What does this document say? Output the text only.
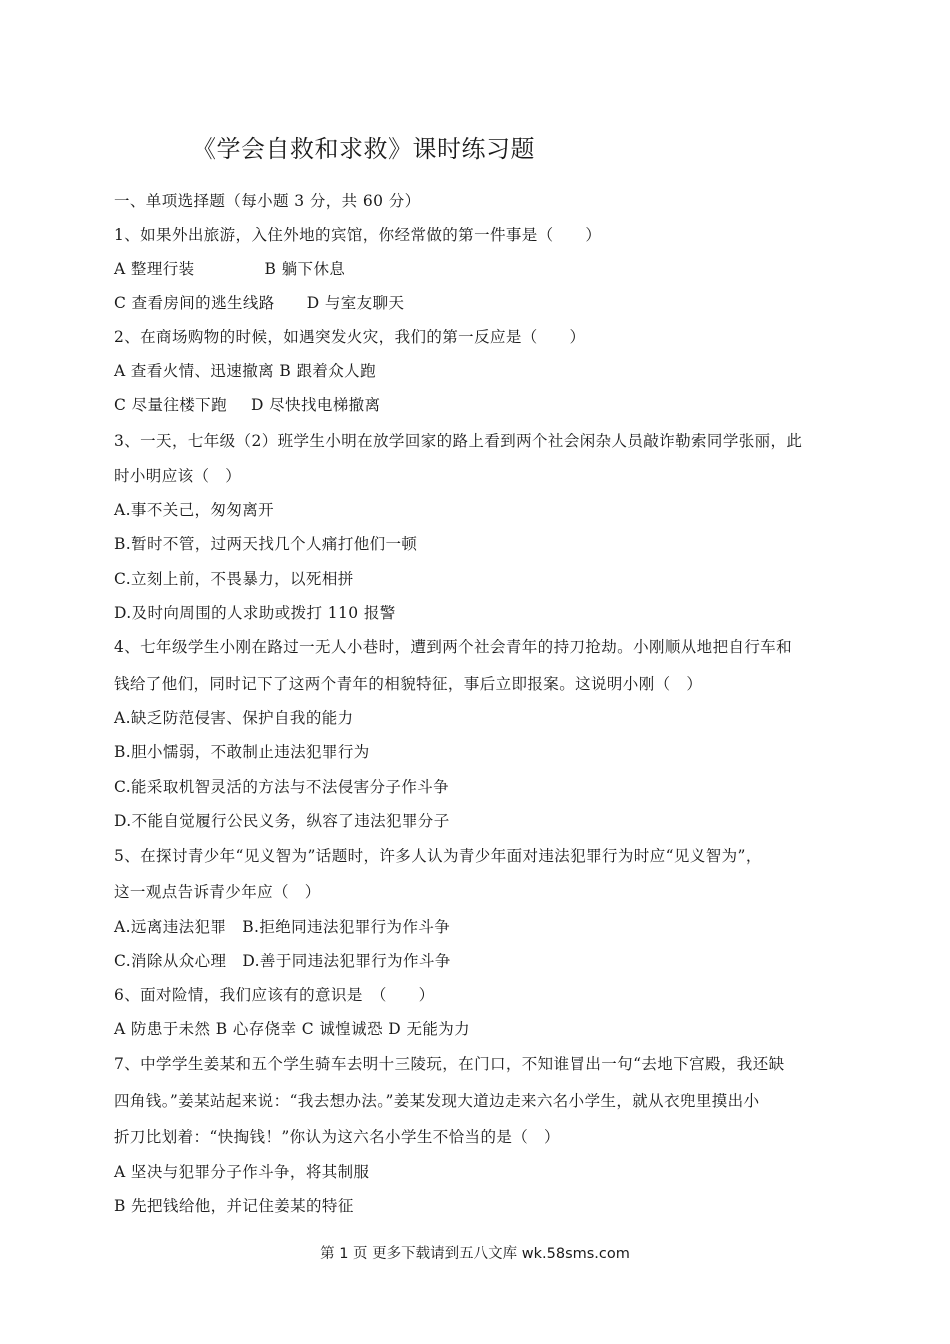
《学会自救和求救》课时练习题
一、单项选择题（每小题 3 分，共 60 分）
1、如果外出旅游，入住外地的宾馆，你经常做的第一件事是（　　）
A 整理行装	B 躺下休息
C 查看房间的逃生线路 D 与室友聊天
2、在商场购物的时候，如遇突发火灾，我们的第一反应是（　　）
A 查看火情、迅速撤离 B 跟着众人跑
C 尽量往楼下跑 D 尽快找电梯撤离
3、一天，七年级（2）班学生小明在放学回家的路上看到两个社会闲杂人员敲诈勒索同学张丽，此
时小明应该（　）
A.事不关己，匆匆离开
B.暂时不管，过两天找几个人痛打他们一顿
C.立刻上前，不畏暴力，以死相拼
D.及时向周围的人求助或拨打 110 报警
4、七年级学生小刚在路过一无人小巷时，遭到两个社会青年的持刀抢劫。小刚顺从地把自行车和
钱给了他们，同时记下了这两个青年的相貌特征，事后立即报案。这说明小刚（　）
A.缺乏防范侵害、保护自我的能力
B.胆小懦弱，不敢制止违法犯罪行为
C.能采取机智灵活的方法与不法侵害分子作斗争
D.不能自觉履行公民义务，纵容了违法犯罪分子
5、在探讨青少年“见义智为”话题时，许多人认为青少年面对违法犯罪行为时应“见义智为”，
这一观点告诉青少年应（　）
A.远离违法犯罪　B.拒绝同违法犯罪行为作斗争
C.消除从众心理　D.善于同违法犯罪行为作斗争
6、面对险情，我们应该有的意识是　（　　）
A 防患于未然 B 心存侥幸 C 诚惶诚恐 D 无能为力
7、中学学生姜某和五个学生骑车去明十三陵玩，在门口，不知谁冒出一句“去地下宫殿，我还缺
四角钱。”姜某站起来说：“我去想办法。”姜某发现大道边走来六名小学生，就从衣兜里摸出小
折刀比划着：“快掏钱！”你认为这六名小学生不恰当的是（　）
A 坚决与犯罪分子作斗争，将其制服
B 先把钱给他，并记住姜某的特征
第 1 页 更多下载请到五八文库 wk.58sms.com
